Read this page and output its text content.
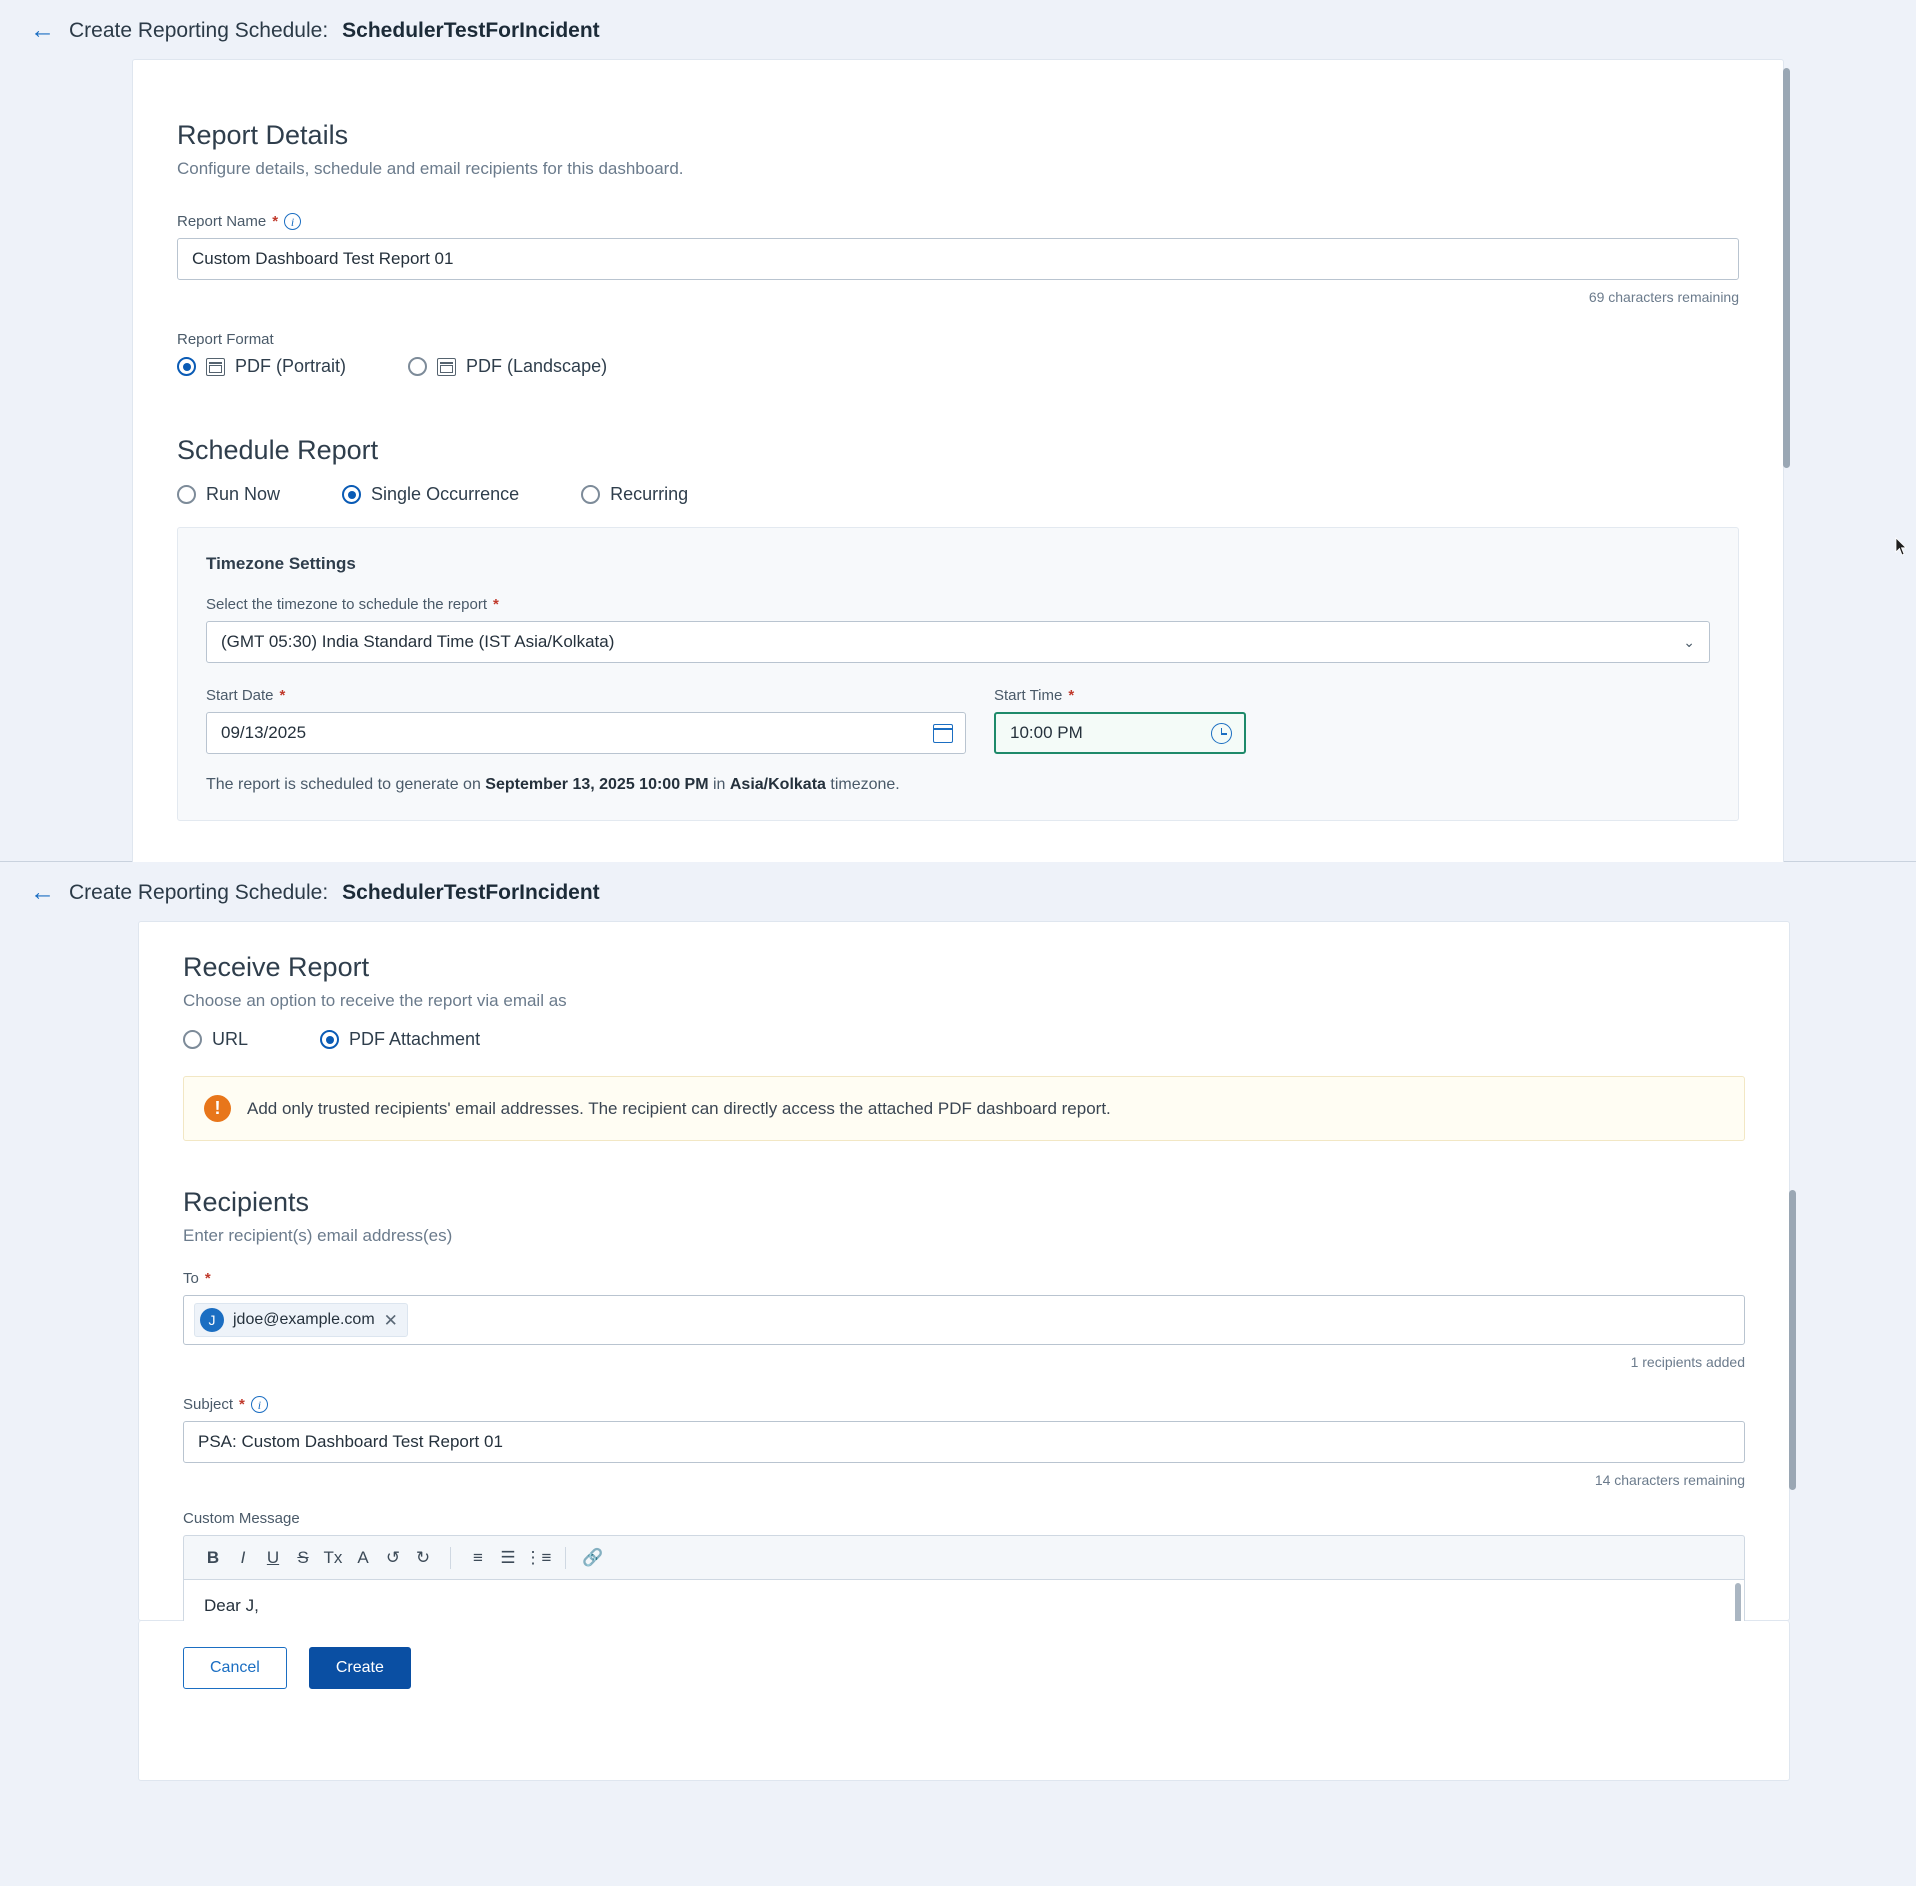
← Create Reporting Schedule: SchedulerTestForIncident
Report Details
Configure details, schedule and email recipients for this dashboard.
Report Name *	i
Custom Dashboard Test Report 01
69 characters remaining
Report Format
PDF (Portrait)	PDF (Landscape)
Schedule Report
Run Now	Single Occurrence	Recurring
Timezone Settings
Select the timezone to schedule the report *
(GMT 05:30) India Standard Time (IST Asia/Kolkata)	⌄
Start Date *
09/13/2025
Start Time *
10:00 PM
The report is scheduled to generate on September 13, 2025 10:00 PM in Asia/Kolkata timezone.
← Create Reporting Schedule: SchedulerTestForIncident
Receive Report
Choose an option to receive the report via email as
URL	PDF Attachment
!	Add only trusted recipients' email addresses. The recipient can directly access the attached PDF dashboard report.
Recipients
Enter recipient(s) email address(es)
To *
J	jdoe@example.com ✕
1 recipients added
Subject *	i
PSA: Custom Dashboard Test Report 01
14 characters remaining
Custom Message
B	I	U	S Tx A	↺ ↻	≡	☰ ⋮≡ 🔗

Dear J,

Cancel	Create
